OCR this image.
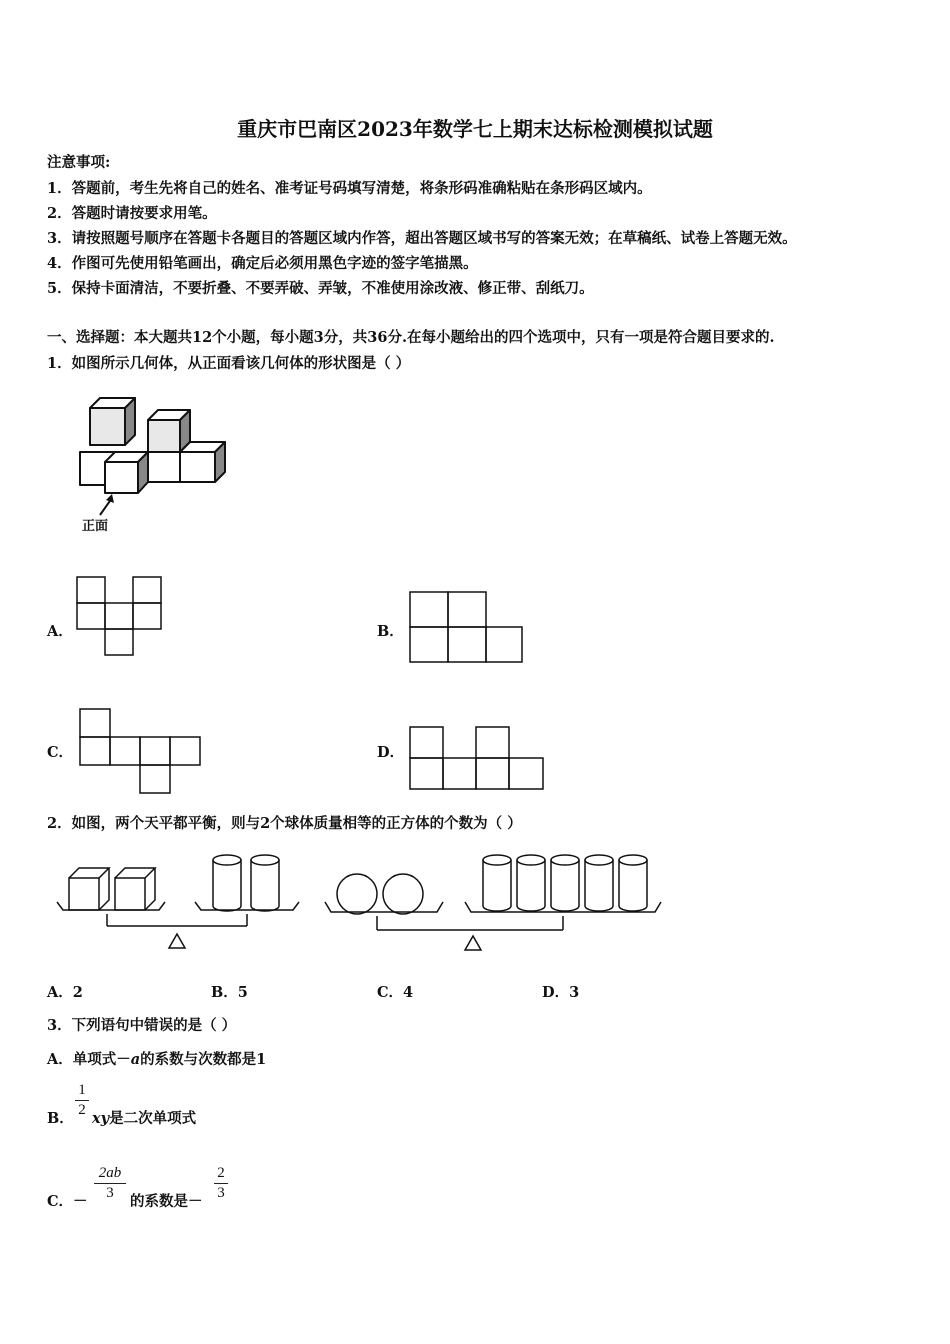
重庆市巴南区2023年数学七上期末达标检测模拟试题
注意事项:
1．答题前，考生先将自己的姓名、准考证号码填写清楚，将条形码准确粘贴在条形码区域内。
2．答题时请按要求用笔。
3．请按照题号顺序在答题卡各题目的答题区域内作答，超出答题区域书写的答案无效；在草稿纸、试卷上答题无效。
4．作图可先使用铅笔画出，确定后必须用黑色字迹的签字笔描黑。
5．保持卡面清洁，不要折叠、不要弄破、弄皱，不准使用涂改液、修正带、刮纸刀。
一、选择题：本大题共12个小题，每小题3分，共36分.在每小题给出的四个选项中，只有一项是符合题目要求的.
1．如图所示几何体，从正面看该几何体的形状图是（ ）
正面
A．	B．
C．	D．
2．如图，两个天平都平衡，则与2个球体质量相等的正方体的个数为（ ）
A．2	B．5	C．4	D．3
3．下列语句中错误的是（ ）
A．单项式－a的系数与次数都是1
B．
1
2 xy是二次单项式
C．－
2ab
3	的系数是－
2
3
